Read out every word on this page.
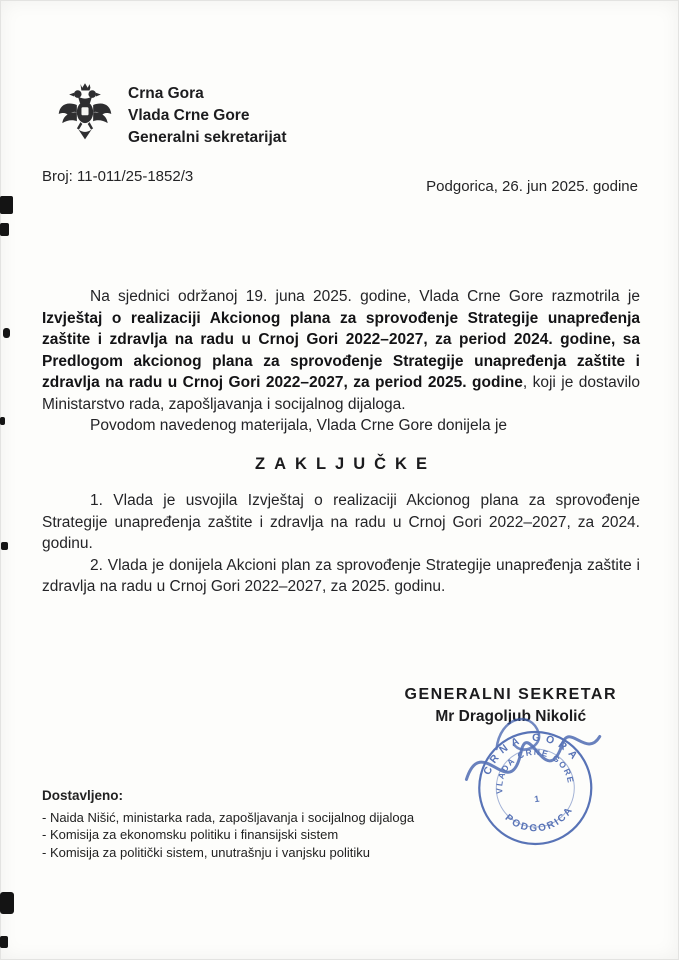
Crna Gora
Vlada Crne Gore
Generalni sekretarijat
Broj: 11-011/25-1852/3
Podgorica, 26. jun 2025. godine

Na sjednici održanoj 19. juna 2025. godine, Vlada Crne Gore razmotrila je Izvještaj o realizaciji Akcionog plana za sprovođenje Strategije unapređenja zaštite i zdravlja na radu u Crnoj Gori 2022–2027, za period 2024. godine, sa Predlogom akcionog plana za sprovođenje Strategije unapređenja zaštite i zdravlja na radu u Crnoj Gori 2022–2027, za period 2025. godine, koji je dostavilo Ministarstvo rada, zapošljavanja i socijalnog dijaloga.

Povodom navedenog materijala, Vlada Crne Gore donijela je

ZAKLJUČKE

1. Vlada je usvojila Izvještaj o realizaciji Akcionog plana za sprovođenje Strategije unapređenja zaštite i zdravlja na radu u Crnoj Gori 2022–2027, za 2024. godinu.

2. Vlada je donijela Akcioni plan za sprovođenje Strategije unapređenja zaštite i zdravlja na radu u Crnoj Gori 2022–2027, za 2025. godinu.

GENERALNI SEKRETAR
Mr Dragoljub Nikolić
CRNA GORA
VLADA CRNE GORE
PODGORICA
1
Dostavljeno:
- Naida Nišić, ministarka rada, zapošljavanja i socijalnog dijaloga
- Komisija za ekonomsku politiku i finansijski sistem
- Komisija za politički sistem, unutrašnju i vanjsku politiku
